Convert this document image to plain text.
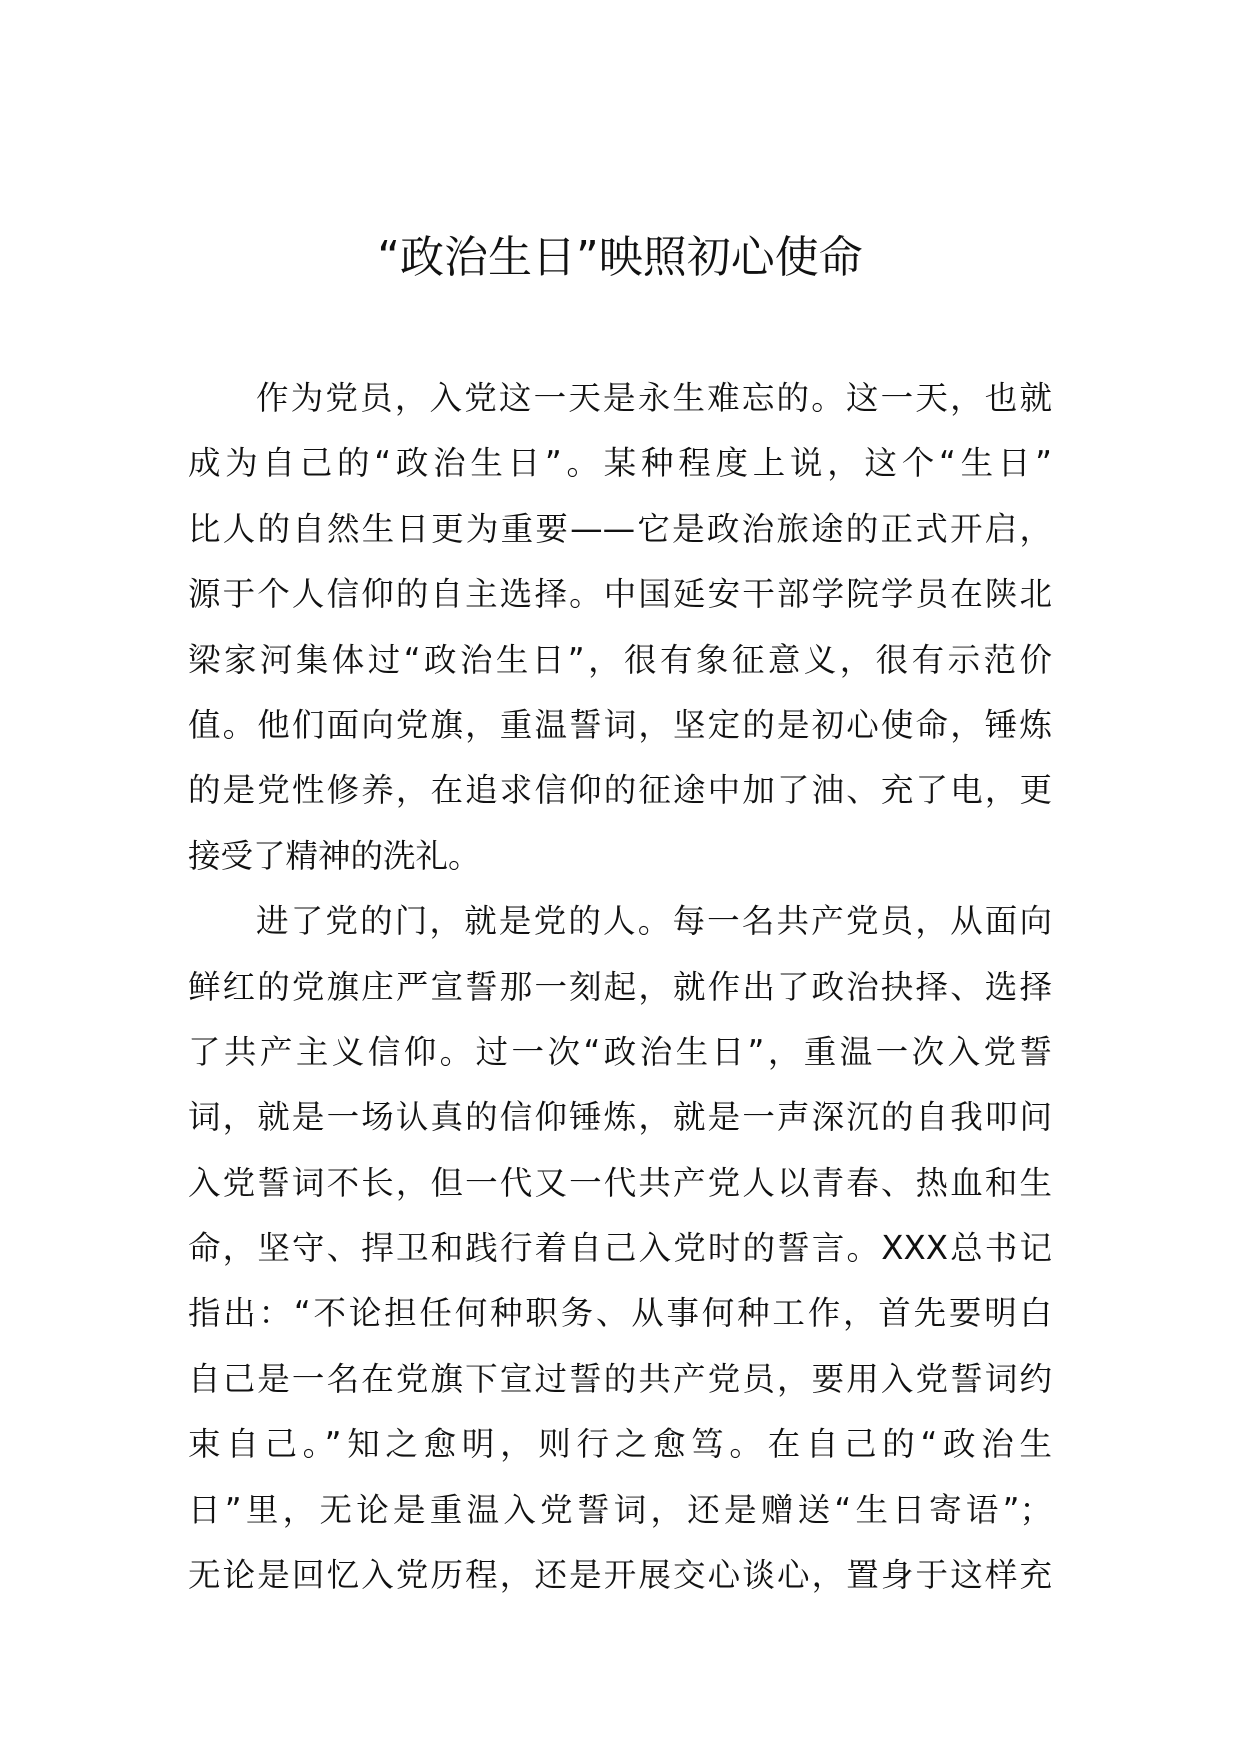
“政治生日”映照初心使命
作为党员，入党这一天是永生难忘的。这一天，也就
成为自己的“政治生日”。某种程度上说，这个“生日”
比人的自然生日更为重要——它是政治旅途的正式开启，
源于个人信仰的自主选择。中国延安干部学院学员在陕北
梁家河集体过“政治生日”，很有象征意义，很有示范价
值。他们面向党旗，重温誓词，坚定的是初心使命，锤炼
的是党性修养，在追求信仰的征途中加了油、充了电，更
接受了精神的洗礼。
进了党的门，就是党的人。每一名共产党员，从面向
鲜红的党旗庄严宣誓那一刻起，就作出了政治抉择、选择
了共产主义信仰。过一次“政治生日”，重温一次入党誓
词，就是一场认真的信仰锤炼，就是一声深沉的自我叩问
入党誓词不长，但一代又一代共产党人以青春、热血和生
命，坚守、捍卫和践行着自己入党时的誓言。XXX总书记
指出：“不论担任何种职务、从事何种工作，首先要明白
自己是一名在党旗下宣过誓的共产党员，要用入党誓词约
束自己。”知之愈明，则行之愈笃。在自己的“政治生
日”里，无论是重温入党誓词，还是赠送“生日寄语”；
无论是回忆入党历程，还是开展交心谈心，置身于这样充
